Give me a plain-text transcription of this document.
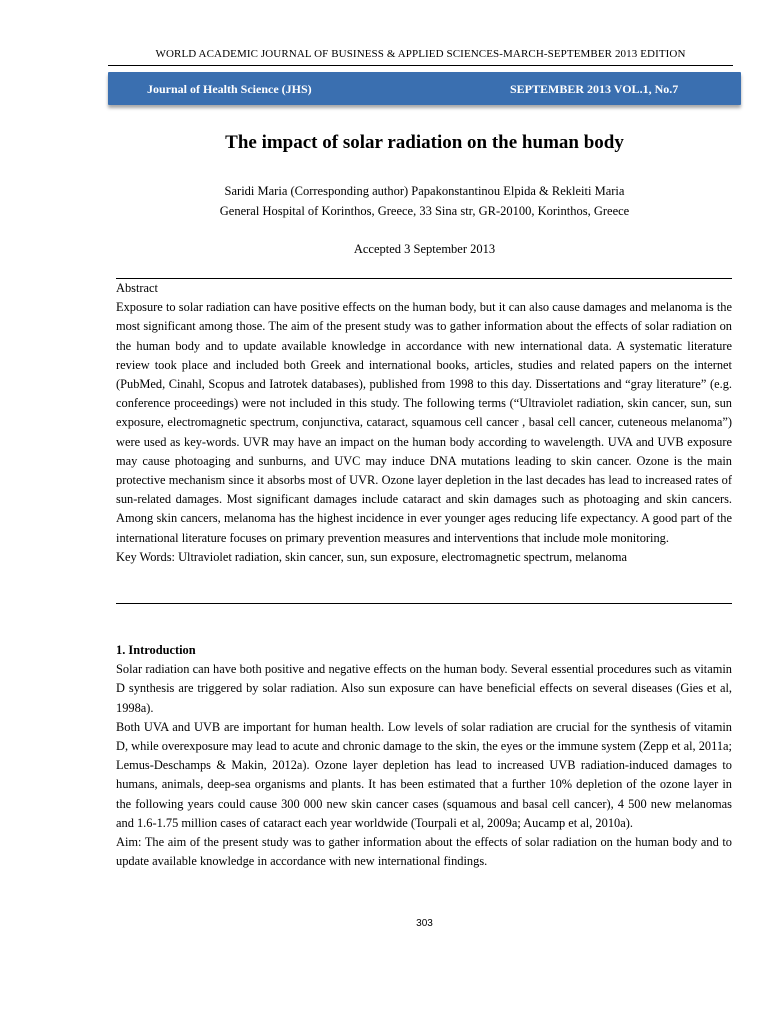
WORLD ACADEMIC JOURNAL OF BUSINESS & APPLIED SCIENCES-MARCH-SEPTEMBER 2013 EDITION
Journal of Health Science (JHS)	SEPTEMBER 2013 VOL.1, No.7
The impact of solar radiation on the human body
Saridi Maria (Corresponding author) Papakonstantinou Elpida & Rekleiti Maria
General Hospital of Korinthos, Greece, 33 Sina str, GR-20100, Korinthos, Greece
Accepted 3 September 2013

Abstract

Exposure to solar radiation can have positive effects on the human body, but it can also cause damages and melanoma is the most significant among those. The aim of the present study was to gather information about the effects of solar radiation on the human body and to update available knowledge in accordance with new international data. A systematic literature review took place and included both Greek and international books, articles, studies and related papers on the internet (PubMed, Cinahl, Scopus and Iatrotek databases), published from 1998 to this day. Dissertations and “gray literature” (e.g. conference proceedings) were not included in this study. The following terms (“Ultraviolet radiation, skin cancer, sun, sun exposure, electromagnetic spectrum, conjunctiva, cataract, squamous cell cancer , basal cell cancer, cuteneous melanoma”) were used as key-words. UVR may have an impact on the human body according to wavelength. UVA and UVB exposure may cause photoaging and sunburns, and UVC may induce DNA mutations leading to skin cancer. Ozone is the main protective mechanism since it absorbs most of UVR. Ozone layer depletion in the last decades has lead to increased rates of sun-related damages. Most significant damages include cataract and skin damages such as photoaging and skin cancers. Among skin cancers, melanoma has the highest incidence in ever younger ages reducing life expectancy. A good part of the international literature focuses on primary prevention measures and interventions that include mole monitoring.

Key Words: Ultraviolet radiation, skin cancer, sun, sun exposure, electromagnetic spectrum, melanoma

1. Introduction

Solar radiation can have both positive and negative effects on the human body. Several essential procedures such as vitamin D synthesis are triggered by solar radiation. Also sun exposure can have beneficial effects on several diseases (Gies et al, 1998a).

Both UVA and UVB are important for human health. Low levels of solar radiation are crucial for the synthesis of vitamin D, while overexposure may lead to acute and chronic damage to the skin, the eyes or the immune system (Zepp et al, 2011a; Lemus-Deschamps & Makin, 2012a). Ozone layer depletion has lead to increased UVB radiation-induced damages to humans, animals, deep-sea organisms and plants. It has been estimated that a further 10% depletion of the ozone layer in the following years could cause 300 000 new skin cancer cases (squamous and basal cell cancer), 4 500 new melanomas and 1.6-1.75 million cases of cataract each year worldwide (Tourpali et al, 2009a; Aucamp et al, 2010a).

Aim: The aim of the present study was to gather information about the effects of solar radiation on the human body and to update available knowledge in accordance with new international findings.

303
